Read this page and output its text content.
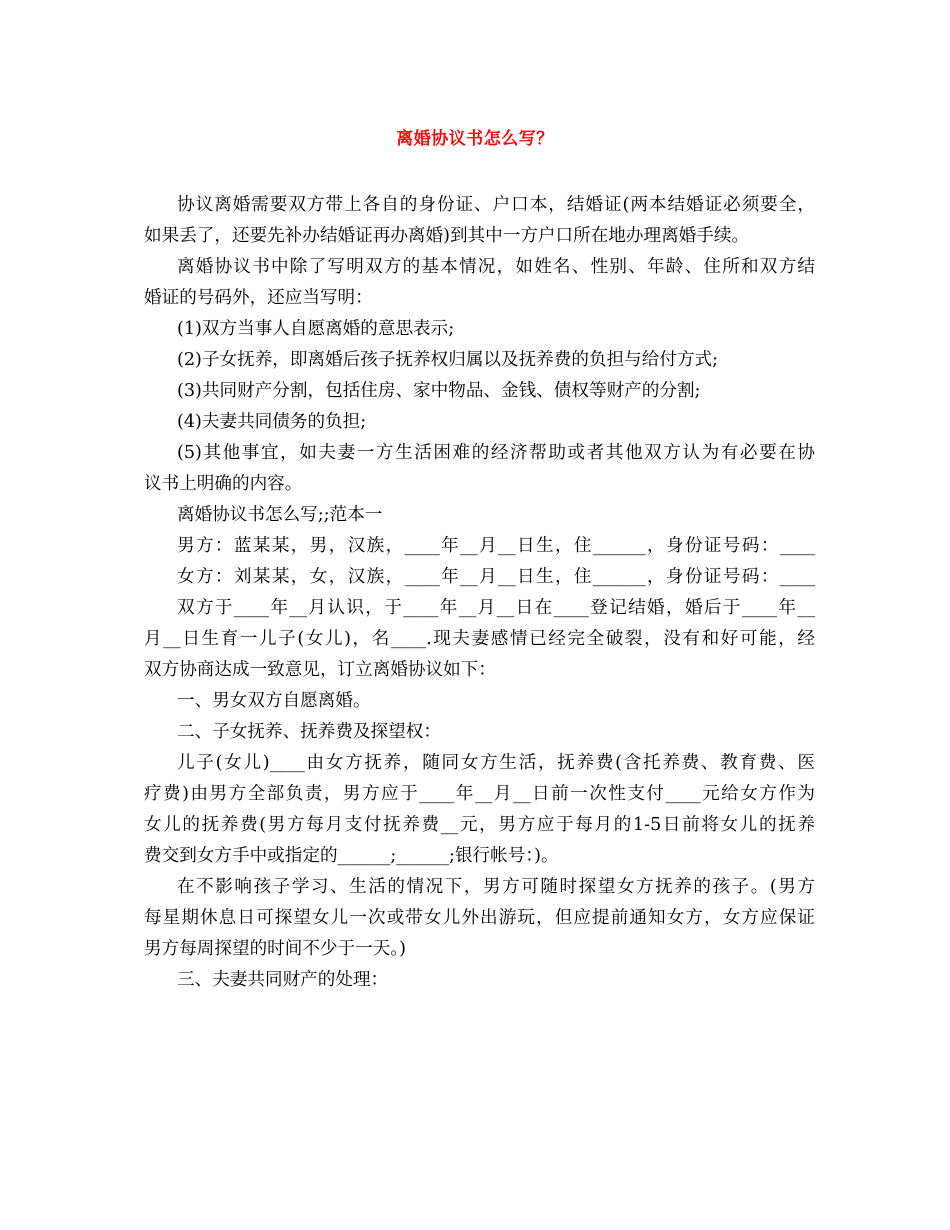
离婚协议书怎么写？
协议离婚需要双方带上各自的身份证、户口本，结婚证(两本结婚证必须要全，
如果丢了，还要先补办结婚证再办离婚)到其中一方户口所在地办理离婚手续。
离婚协议书中除了写明双方的基本情况，如姓名、性别、年龄、住所和双方结
婚证的号码外，还应当写明：
(1)双方当事人自愿离婚的意思表示;
(2)子女抚养，即离婚后孩子抚养权归属以及抚养费的负担与给付方式;
(3)共同财产分割，包括住房、家中物品、金钱、债权等财产的分割;
(4)夫妻共同债务的负担;
(5)其他事宜，如夫妻一方生活困难的经济帮助或者其他双方认为有必要在协
议书上明确的内容。
离婚协议书怎么写;;范本一
男方：蓝某某，男，汉族，____年__月__日生，住______，身份证号码：____
女方：刘某某，女，汉族，____年__月__日生，住______，身份证号码：____
双方于____年__月认识，于____年__月__日在____登记结婚，婚后于____年__
月__日生育一儿子(女儿)，名____.现夫妻感情已经完全破裂，没有和好可能，经
双方协商达成一致意见，订立离婚协议如下：
一、男女双方自愿离婚。
二、子女抚养、抚养费及探望权：
儿子(女儿)____由女方抚养，随同女方生活，抚养费(含托养费、教育费、医
疗费)由男方全部负责，男方应于____年__月__日前一次性支付____元给女方作为
女儿的抚养费(男方每月支付抚养费__元，男方应于每月的1-5日前将女儿的抚养
费交到女方手中或指定的______;______;银行帐号：)。
在不影响孩子学习、生活的情况下，男方可随时探望女方抚养的孩子。(男方
每星期休息日可探望女儿一次或带女儿外出游玩，但应提前通知女方，女方应保证
男方每周探望的时间不少于一天。)
三、夫妻共同财产的处理：
